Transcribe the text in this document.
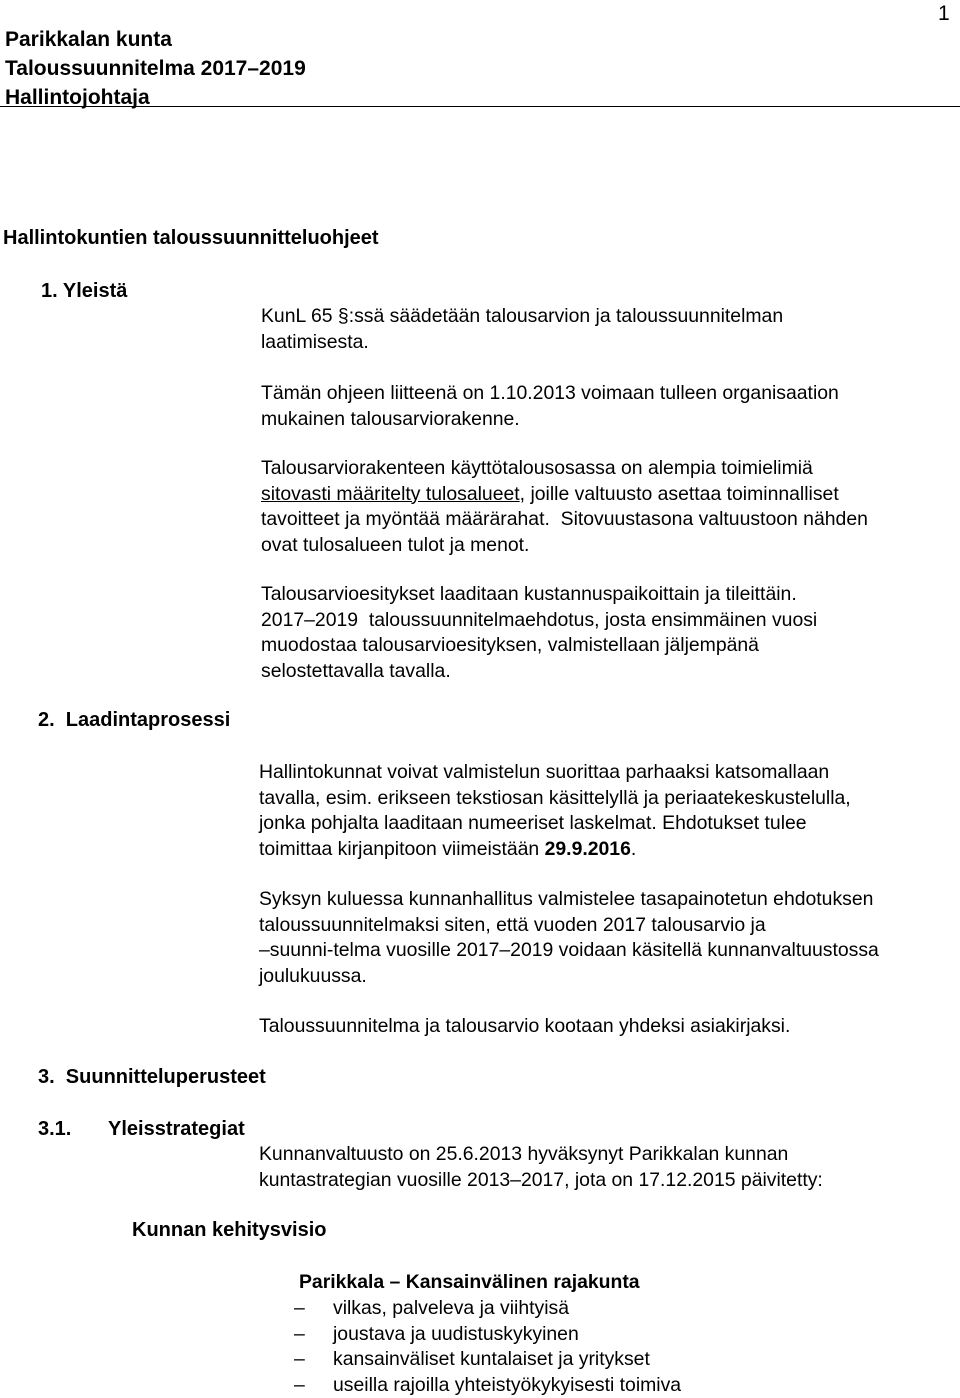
Parikkalan kunta
Taloussuunnitelma 2017–2019
Hallintojohtaja
1
Hallintokuntien taloussuunnitteluohjeet
1. Yleistä
KunL 65 §:ssä säädetään talousarvion ja taloussuunnitelman
laatimisesta.
Tämän ohjeen liitteenä on 1.10.2013 voimaan tulleen organisaation
mukainen talousarviorakenne.
Talousarviorakenteen käyttötalousosassa on alempia toimielimiä
sitovasti määritelty tulosalueet, joille valtuusto asettaa toiminnalliset
tavoitteet ja myöntää määrärahat.  Sitovuustasona valtuustoon nähden
ovat tulosalueen tulot ja menot.
Talousarvioesitykset laaditaan kustannuspaikoittain ja tileittäin.
2017–2019  taloussuunnitelmaehdotus, josta ensimmäinen vuosi
muodostaa talousarvioesityksen, valmistellaan jäljempänä
selostettavalla tavalla.
2.  Laadintaprosessi
Hallintokunnat voivat valmistelun suorittaa parhaaksi katsomallaan
tavalla, esim. erikseen tekstiosan käsittelyllä ja periaatekeskustelulla,
jonka pohjalta laaditaan numeeriset laskelmat. Ehdotukset tulee
toimittaa kirjanpitoon viimeistään 29.9.2016.
Syksyn kuluessa kunnanhallitus valmistelee tasapainotetun ehdotuksen
taloussuunnitelmaksi siten, että vuoden 2017 talousarvio ja
–suunni-telma vuosille 2017–2019 voidaan käsitellä kunnanvaltuustossa
joulukuussa.
Taloussuunnitelma ja talousarvio kootaan yhdeksi asiakirjaksi.
3.  Suunnitteluperusteet
3.1. Yleisstrategiat
Kunnanvaltuusto on 25.6.2013 hyväksynyt Parikkalan kunnan
kuntastrategian vuosille 2013–2017, jota on 17.12.2015 päivitetty:
Kunnan kehitysvisio
Parikkala – Kansainvälinen rajakunta
– vilkas, palveleva ja viihtyisä
– joustava ja uudistuskykyinen
– kansainväliset kuntalaiset ja yritykset
– useilla rajoilla yhteistyökykyisesti toimiva
